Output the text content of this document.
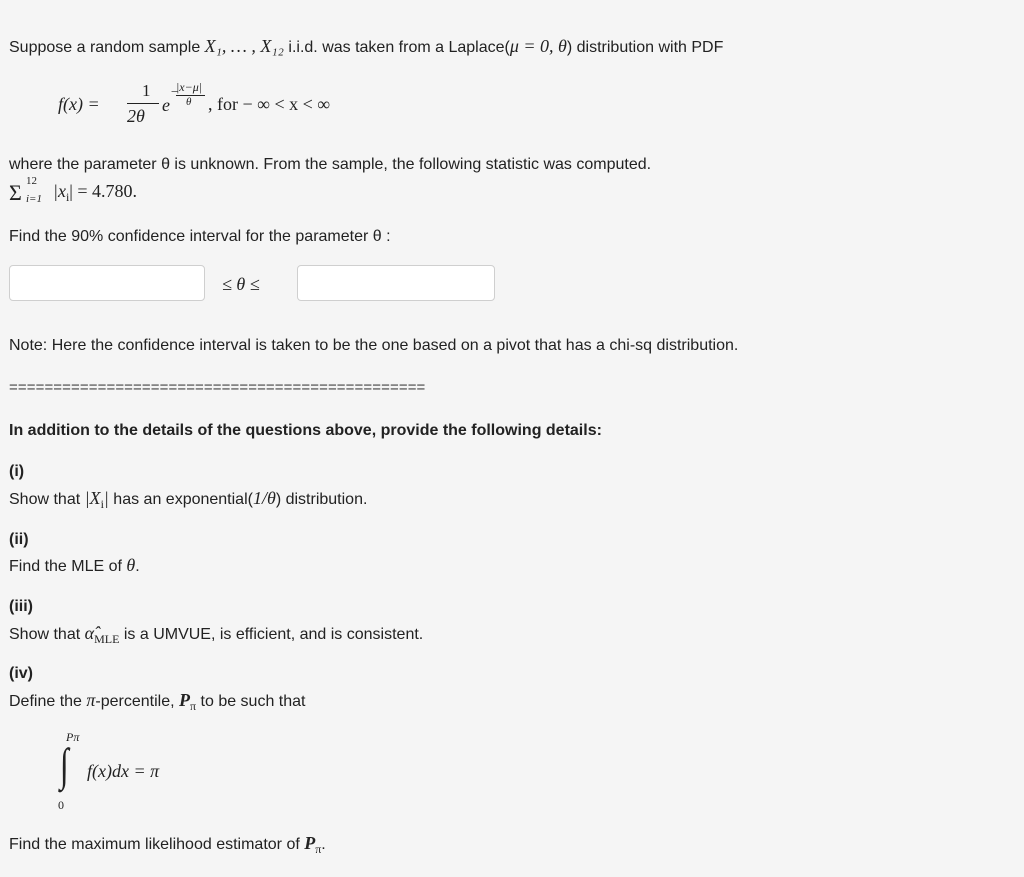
Suppose a random sample X₁, … , X₁₂ i.i.d. was taken from a Laplace(μ = 0, θ) distribution with PDF
f(x) =
1
2θ
e
−
|x−μ|
θ , for − ∞ < x < ∞
where the parameter θ is unknown. From the sample, the following statistic was computed.
Σ 12
i=1 $|x_i| = 4.780$.
Find the 90% confidence interval for the parameter θ :
≤ θ ≤
Note: Here the confidence interval is taken to be the one based on a pivot that has a chi-sq distribution.
===============================================
In addition to the details of the questions above, provide the following details:
(i)
Show that $|X_i|$ has an exponential(1/θ) distribution.
(ii)
Find the MLE of θ.
(iii)
Show that $\alphâ_{MLE}$ is a UMVUE, is efficient, and is consistent.
(iv)
Define the π-percentile, $P_\pi$ to be such that
Pπ
∫
0
f(x)dx = π
Find the maximum likelihood estimator of $P_\pi$.
